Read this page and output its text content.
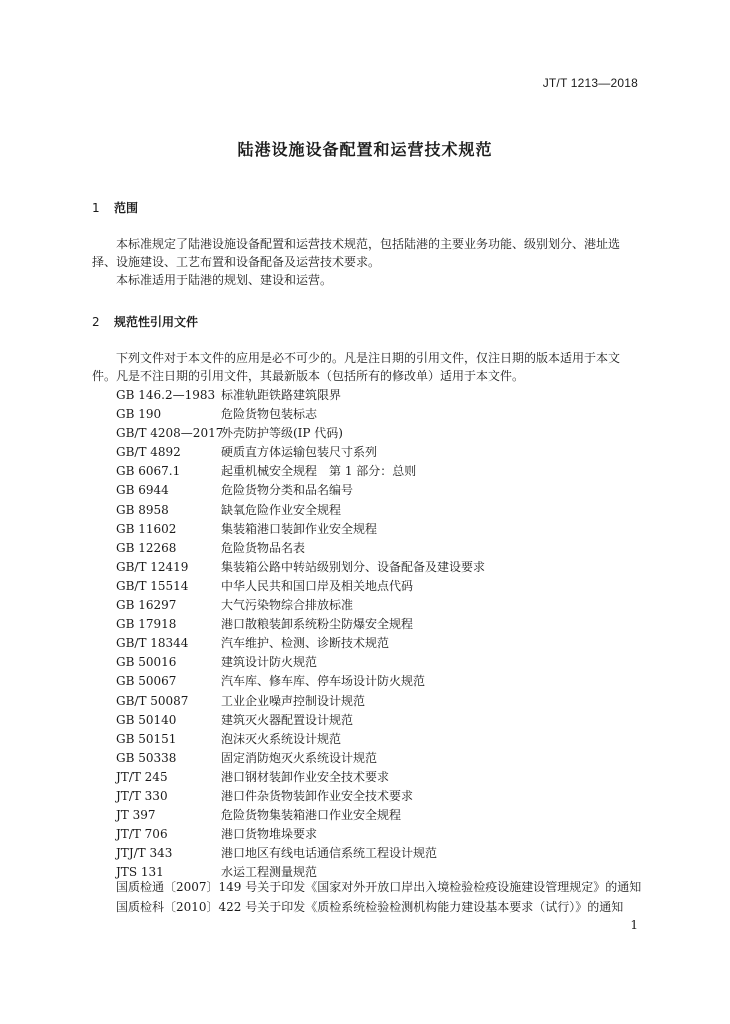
JT/T 1213—2018
陆港设施设备配置和运营技术规范
1 范围
本标准规定了陆港设施设备配置和运营技术规范，包括陆港的主要业务功能、级别划分、港址选择、设施建设、工艺布置和设备配备及运营技术要求。
本标准适用于陆港的规划、建设和运营。
2 规范性引用文件
下列文件对于本文件的应用是必不可少的。凡是注日期的引用文件，仅注日期的版本适用于本文件。凡是不注日期的引用文件，其最新版本（包括所有的修改单）适用于本文件。
GB 146.2—1983 标准轨距铁路建筑限界
GB 190	危险货物包装标志
GB/T 4208—2017外壳防护等级(IP 代码)
GB/T 4892	硬质直方体运输包装尺寸系列
GB 6067.1	起重机械安全规程　第 1 部分：总则
GB 6944	危险货物分类和品名编号
GB 8958	缺氧危险作业安全规程
GB 11602	集装箱港口装卸作业安全规程
GB 12268	危险货物品名表
GB/T 12419	集装箱公路中转站级别划分、设备配备及建设要求
GB/T 15514	中华人民共和国口岸及相关地点代码
GB 16297	大气污染物综合排放标准
GB 17918	港口散粮装卸系统粉尘防爆安全规程
GB/T 18344	汽车维护、检测、诊断技术规范
GB 50016	建筑设计防火规范
GB 50067	汽车库、修车库、停车场设计防火规范
GB/T 50087	工业企业噪声控制设计规范
GB 50140	建筑灭火器配置设计规范
GB 50151	泡沫灭火系统设计规范
GB 50338	固定消防炮灭火系统设计规范
JT/T 245	港口钢材装卸作业安全技术要求
JT/T 330	港口件杂货物装卸作业安全技术要求
JT 397	危险货物集装箱港口作业安全规程
JT/T 706	港口货物堆垛要求
JTJ/T 343	港口地区有线电话通信系统工程设计规范
JTS 131	水运工程测量规范
国质检通〔2007〕149 号关于印发《国家对外开放口岸出入境检验检疫设施建设管理规定》的通知
国质检科〔2010〕422 号关于印发《质检系统检验检测机构能力建设基本要求（试行）》的通知
1
